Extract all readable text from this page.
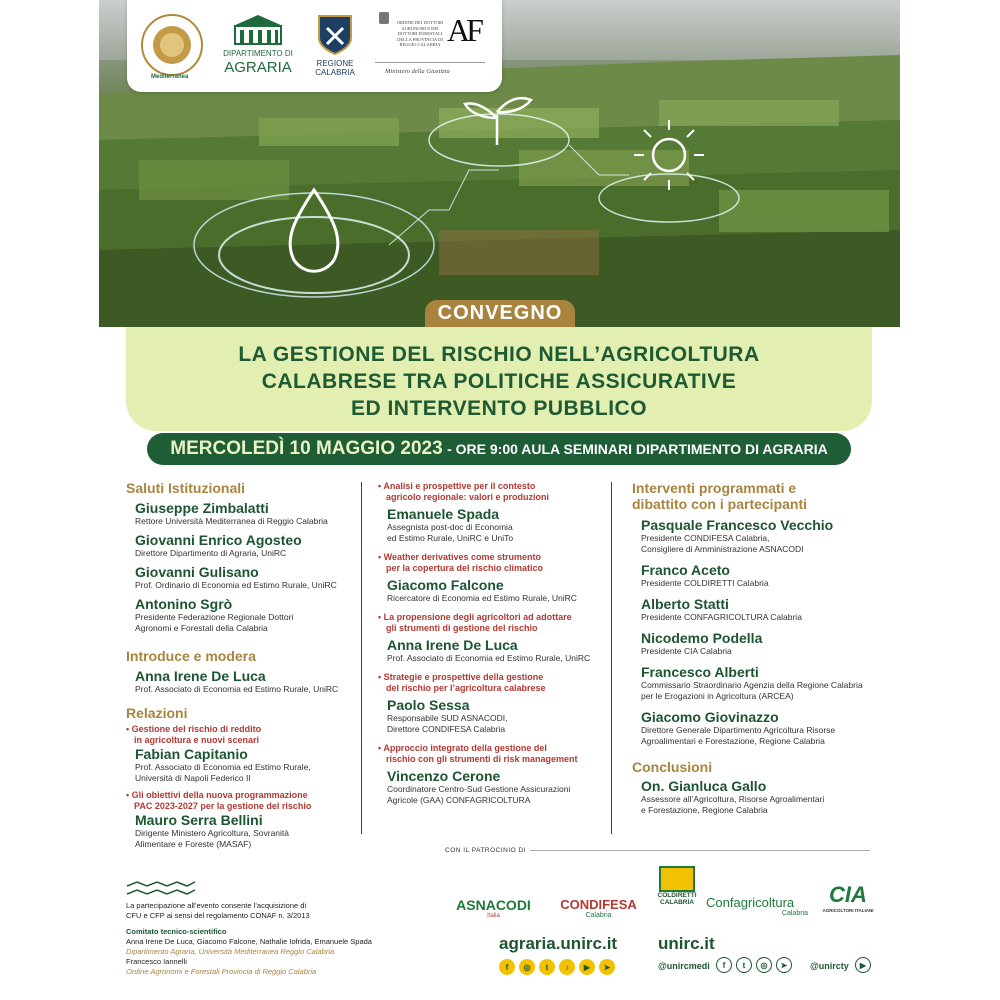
DIPARTIMENTO DI
AGRARIA	REGIONE
CALABRIA
ORDINE DEI DOTTORI AGRONOMI E DEI DOTTORI FORESTALI DELLA PROVINCIA DI REGGIO CALABRIA AF
Ministero della Giustizia
Mediterranea
CONVEGNO
LA GESTIONE DEL RISCHIO NELL’AGRICOLTURA
CALABRESE TRA POLITICHE ASSICURATIVE
ED INTERVENTO PUBBLICO
MERCOLEDÌ 10 MAGGIO 2023 - ORE 9:00 AULA SEMINARI DIPARTIMENTO DI AGRARIA

Saluti Istituzionali

Giuseppe Zimbalatti

Rettore Università Mediterranea di Reggio Calabria

Giovanni Enrico Agosteo

Direttore Dipartimento di Agraria, UniRC

Giovanni Gulisano

Prof. Ordinario di Economia ed Estimo Rurale, UniRC

Antonino Sgrò

Presidente Federazione Regionale Dottori

Agronomi e Forestali della Calabria

Introduce e modera

Anna Irene De Luca

Prof. Associato di Economia ed Estimo Rurale, UniRC

Relazioni

• Gestione del rischio di reddito

in agricoltura e nuovi scenari

Fabian Capitanio

Prof. Associato di Economia ed Estimo Rurale,

Università di Napoli Federico II

• Gli obiettivi della nuova programmazione

PAC 2023-2027 per la gestione del rischio

Mauro Serra Bellini

Dirigente Ministero Agricoltura, Sovranità

Alimentare e Foreste (MASAF)

• Analisi e prospettive per il contesto

agricolo regionale: valori e produzioni

Emanuele Spada

Assegnista post-doc di Economia

ed Estimo Rurale, UniRC e UniTo

• Weather derivatives come strumento

per la copertura del rischio climatico

Giacomo Falcone

Ricercatore di Economia ed Estimo Rurale, UniRC

• La propensione degli agricoltori ad adottare

gli strumenti di gestione del rischio

Anna Irene De Luca

Prof. Associato di Economia ed Estimo Rurale, UniRC

• Strategie e prospettive della gestione

del rischio per l’agricoltura calabrese

Paolo Sessa

Responsabile SUD ASNACODI,

Direttore CONDIFESA Calabria

• Approccio integrato della gestione del

rischio con gli strumenti di risk management

Vincenzo Cerone

Coordinatore Centro-Sud Gestione Assicurazioni

Agricole (GAA) CONFAGRICOLTURA

Interventi programmati e

dibattito con i partecipanti

Pasquale Francesco Vecchio

Presidente CONDIFESA Calabria,

Consigliere di Amministrazione ASNACODI

Franco Aceto

Presidente COLDIRETTI Calabria

Alberto Statti

Presidente CONFAGRICOLTURA Calabria

Nicodemo Podella

Presidente CIA Calabria

Francesco Alberti

Commissario Straordinario Agenzia della Regione Calabria

per le Erogazioni in Agricoltura (ARCEA)

Giacomo Giovinazzo

Direttore Generale Dipartimento Agricoltura Risorse

Agroalimentari e Forestazione, Regione Calabria

Conclusioni

On. Gianluca Gallo

Assessore all’Agricoltura, Risorse Agroalimentari

e Forestazione, Regione Calabria

CON IL PATROCINIO DI
La partecipazione all’evento consente l’acquisizione di
CFU e CFP ai sensi del regolamento CONAF n. 3/2013
Comitato tecnico-scientifico
Anna Irene De Luca, Giacomo Falcone, Nathalie Iofrida, Emanuele Spada
Dipartimento Agraria, Università Mediterranea Reggio Calabria
Francesco Iannelli
Ordine Agronomi e Forestali Provincia di Reggio Calabria
ASNACODI
Italia
CONDIFESA
Calabria
COLDIRETTI
CALABRIA Confagricoltura
Calabria
CIA
AGRICOLTORI ITALIANI
agraria.unirc.it
f	◎	t	♪	▶	➤
unirc.it
@unircmedi	f	t	◎	➤	@unircty	▶
